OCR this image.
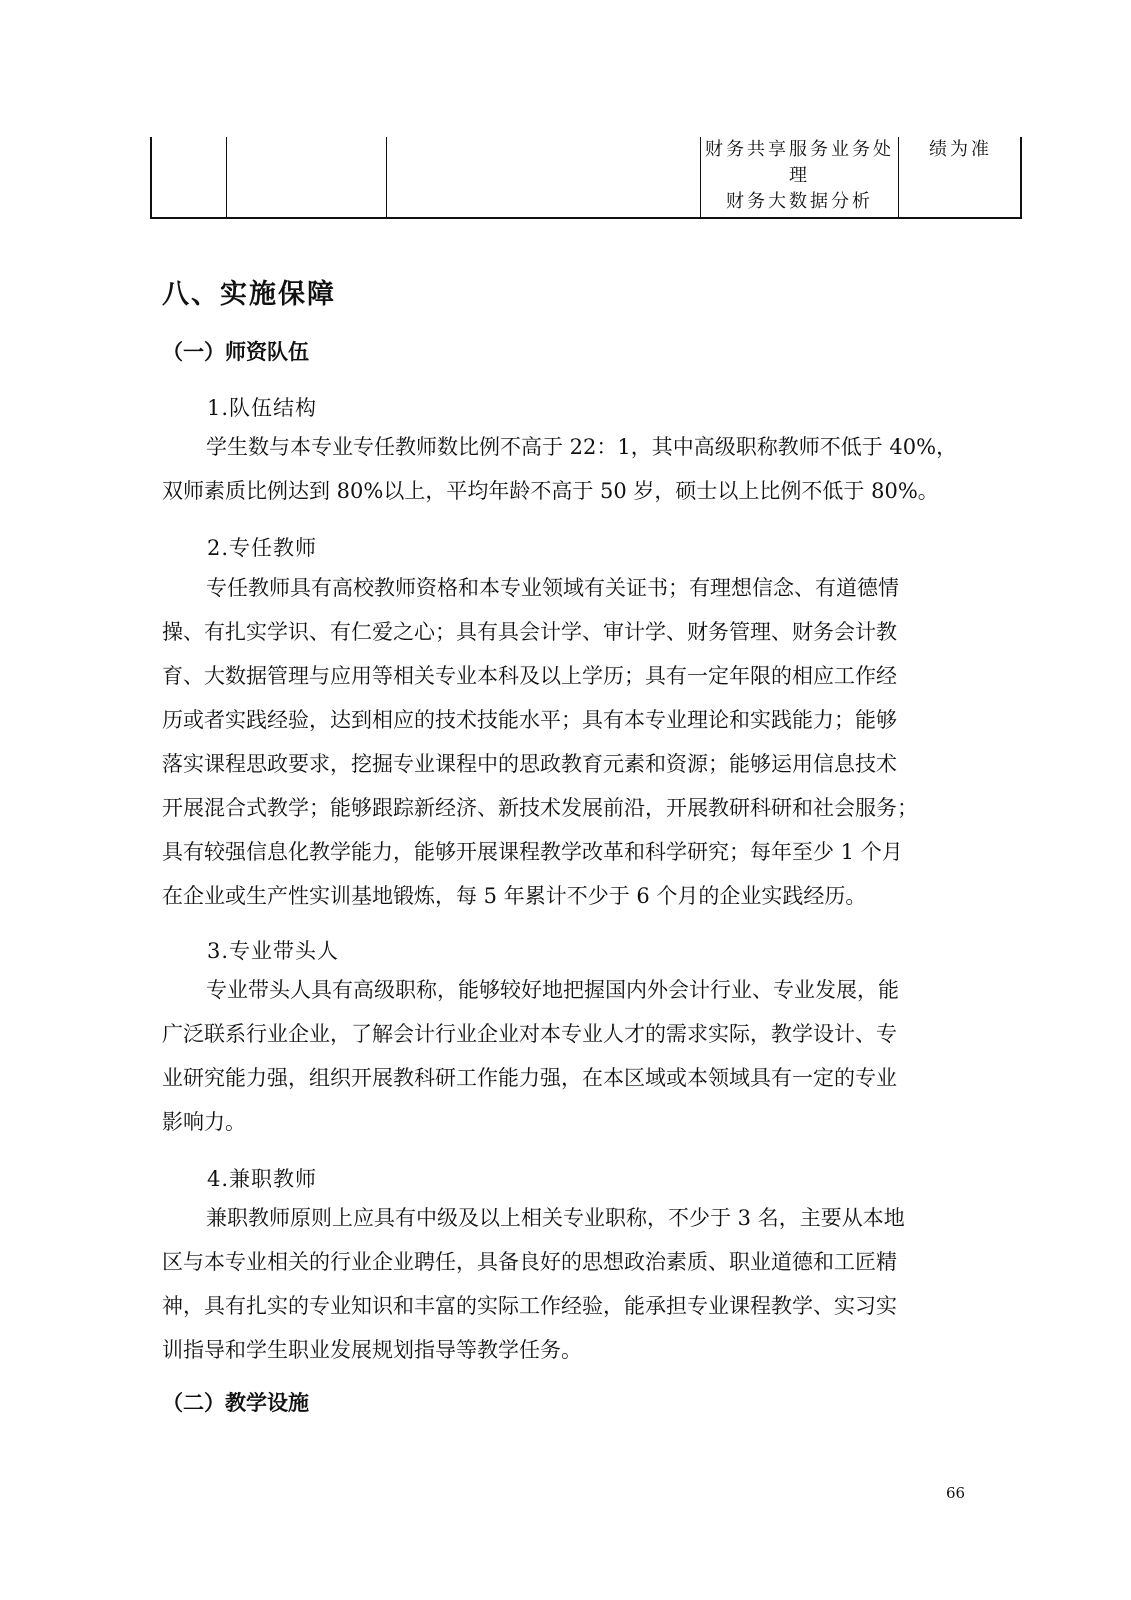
财务共享服务业务处
理
财务大数据分析
绩为准
八、实施保障
（一）师资队伍
1.队伍结构
学生数与本专业专任教师数比例不高于 22：1，其中高级职称教师不低于 40%，
双师素质比例达到 80%以上，平均年龄不高于 50 岁，硕士以上比例不低于 80%。
2.专任教师
专任教师具有高校教师资格和本专业领域有关证书；有理想信念、有道德情
操、有扎实学识、有仁爱之心；具有具会计学、审计学、财务管理、财务会计教
育、大数据管理与应用等相关专业本科及以上学历；具有一定年限的相应工作经
历或者实践经验，达到相应的技术技能水平；具有本专业理论和实践能力；能够
落实课程思政要求，挖掘专业课程中的思政教育元素和资源；能够运用信息技术
开展混合式教学；能够跟踪新经济、新技术发展前沿，开展教研科研和社会服务；
具有较强信息化教学能力，能够开展课程教学改革和科学研究；每年至少 1 个月
在企业或生产性实训基地锻炼，每 5 年累计不少于 6 个月的企业实践经历。
3.专业带头人
专业带头人具有高级职称，能够较好地把握国内外会计行业、专业发展，能
广泛联系行业企业，了解会计行业企业对本专业人才的需求实际，教学设计、专
业研究能力强，组织开展教科研工作能力强，在本区域或本领域具有一定的专业
影响力。
4.兼职教师
兼职教师原则上应具有中级及以上相关专业职称，不少于 3 名，主要从本地
区与本专业相关的行业企业聘任，具备良好的思想政治素质、职业道德和工匠精
神，具有扎实的专业知识和丰富的实际工作经验，能承担专业课程教学、实习实
训指导和学生职业发展规划指导等教学任务。
（二）教学设施
66
